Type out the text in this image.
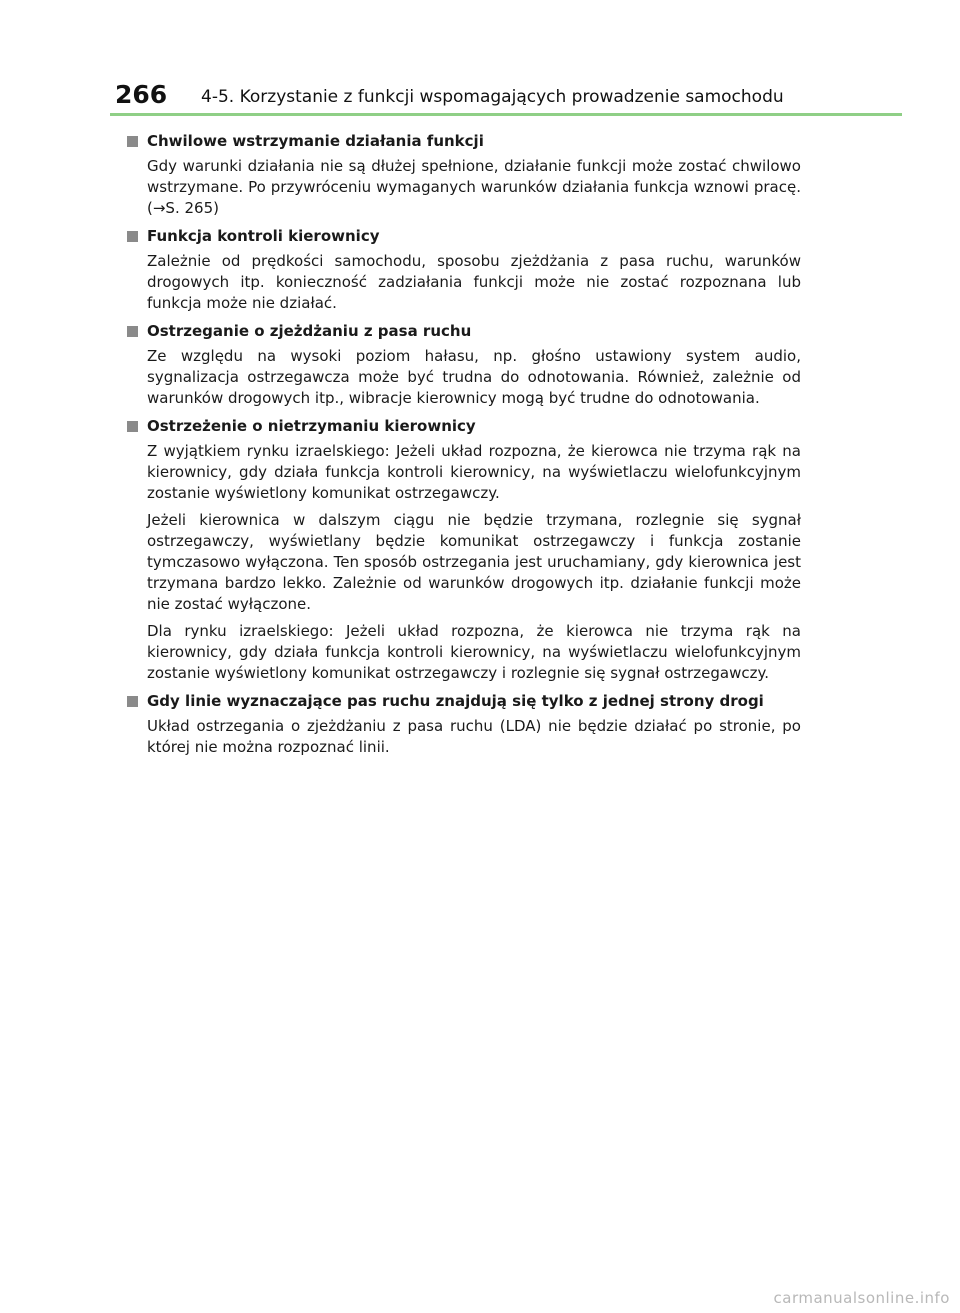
266 4-5. Korzystanie z funkcji wspomagających prowadzenie samochodu
Chwilowe wstrzymanie działania funkcji

Gdy warunki działania nie są dłużej spełnione, działanie funkcji może zostać chwilowo wstrzymane. Po przywróceniu wymaganych warunków działania funkcja wznowi pracę. (→S. 265)

Funkcja kontroli kierownicy

Zależnie od prędkości samochodu, sposobu zjeżdżania z pasa ruchu, warunków drogowych itp. konieczność zadziałania funkcji może nie zostać rozpoznana lub funkcja może nie działać.

Ostrzeganie o zjeżdżaniu z pasa ruchu

Ze względu na wysoki poziom hałasu, np. głośno ustawiony system audio, sygnalizacja ostrzegawcza może być trudna do odnotowania. Również, zależnie od warunków drogowych itp., wibracje kierownicy mogą być trudne do odnotowania.

Ostrzeżenie o nietrzymaniu kierownicy

Z wyjątkiem rynku izraelskiego: Jeżeli układ rozpozna, że kierowca nie trzyma rąk na kierownicy, gdy działa funkcja kontroli kierownicy, na wyświetlaczu wielofunkcyjnym zostanie wyświetlony komunikat ostrzegawczy.

Jeżeli kierownica w dalszym ciągu nie będzie trzymana, rozlegnie się sygnał ostrzegawczy, wyświetlany będzie komunikat ostrzegawczy i funkcja zostanie tymczasowo wyłączona. Ten sposób ostrzegania jest uruchamiany, gdy kierownica jest trzymana bardzo lekko. Zależnie od warunków drogowych itp. działanie funkcji może nie zostać wyłączone.

Dla rynku izraelskiego: Jeżeli układ rozpozna, że kierowca nie trzyma rąk na kierownicy, gdy działa funkcja kontroli kierownicy, na wyświetlaczu wielofunkcyjnym zostanie wyświetlony komunikat ostrzegawczy i rozlegnie się sygnał ostrzegawczy.

Gdy linie wyznaczające pas ruchu znajdują się tylko z jednej strony drogi

Układ ostrzegania o zjeżdżaniu z pasa ruchu (LDA) nie będzie działać po stronie, po której nie można rozpoznać linii.

carmanualsonline.info
